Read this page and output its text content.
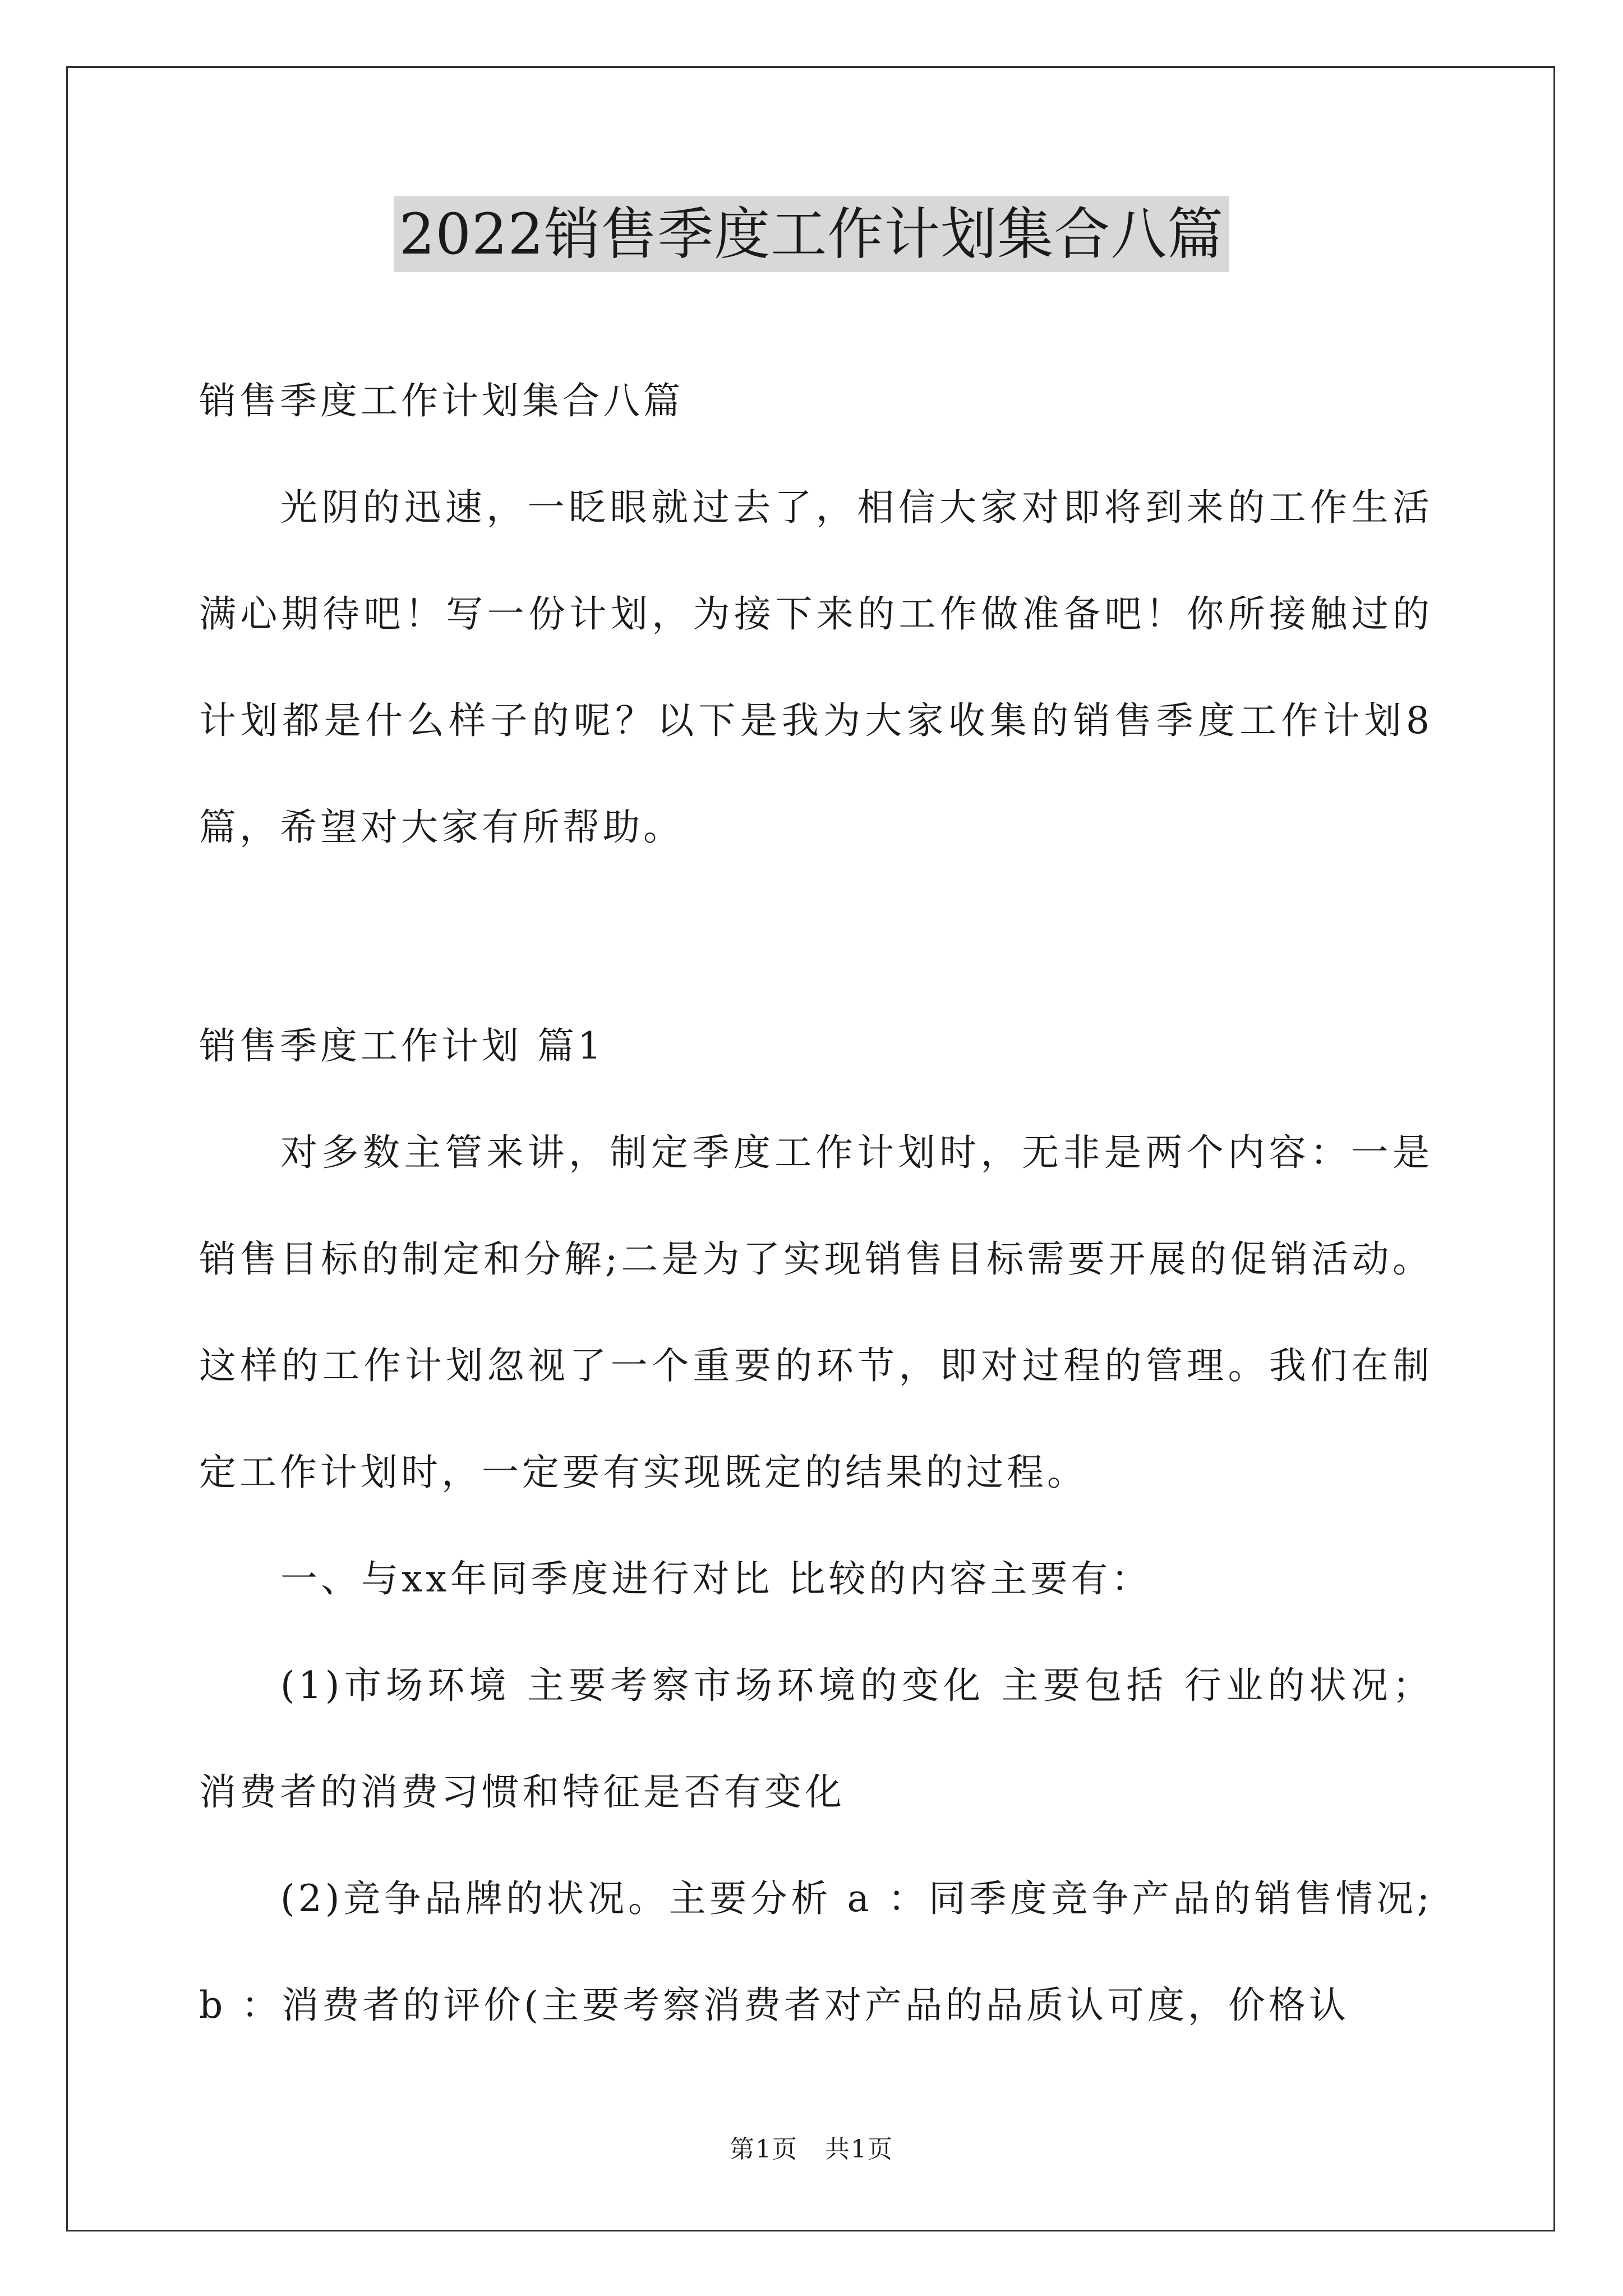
2022销售季度工作计划集合八篇

销售季度工作计划集合八篇

光阴的迅速，一眨眼就过去了，相信大家对即将到来的工作生活满心期待吧！写一份计划，为接下来的工作做准备吧！你所接触过的计划都是什么样子的呢？以下是我为大家收集的销售季度工作计划8篇，希望对大家有所帮助。

销售季度工作计划 篇1

对多数主管来讲，制定季度工作计划时，无非是两个内容：一是销售目标的制定和分解;二是为了实现销售目标需要开展的促销活动。这样的工作计划忽视了一个重要的环节，即对过程的管理。我们在制定工作计划时，一定要有实现既定的结果的过程。

一、与xx年同季度进行对比 比较的内容主要有：

(1)市场环境 主要考察市场环境的变化 主要包括 行业的状况；消费者的消费习惯和特征是否有变化

(2)竞争品牌的状况。主要分析 a ：同季度竞争产品的销售情况; b ：消费者的评价(主要考察消费者对产品的品质认可度，价格认

第1页 共1页
